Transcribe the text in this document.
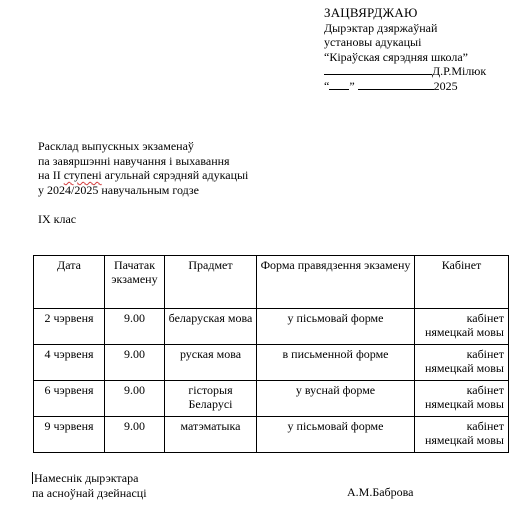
ЗАЦВЯРДЖАЮ
Дырэктар дзяржаўнай
установы адукацыі
“Кіраўская сярэдняя школа”
Д.Р.Мілюк
“ ”	2025
Расклад выпускных экзаменаў
па завяршэнні навучання і выхавання
на II ступені агульнай сярэдняй адукацыі
у 2024/2025 навучальным годзе
IX клас
Дата	Пачатак экзамену	Прадмет	Форма правядзення экзамену	Кабінет
2 чэрвеня	9.00	беларуская мова	у пісьмовай форме	кабінет нямецкай мовы
4 чэрвеня	9.00	руская мова	в письменной форме	кабінет нямецкай мовы
6 чэрвеня	9.00	гісторыя Беларусі	у вуснай форме	кабінет нямецкай мовы
9 чэрвеня	9.00	матэматыка	у пісьмовай форме	кабінет нямецкай мовы
Намеснік дырэктара
па асноўнай дзейнасці	А.М.Баброва
